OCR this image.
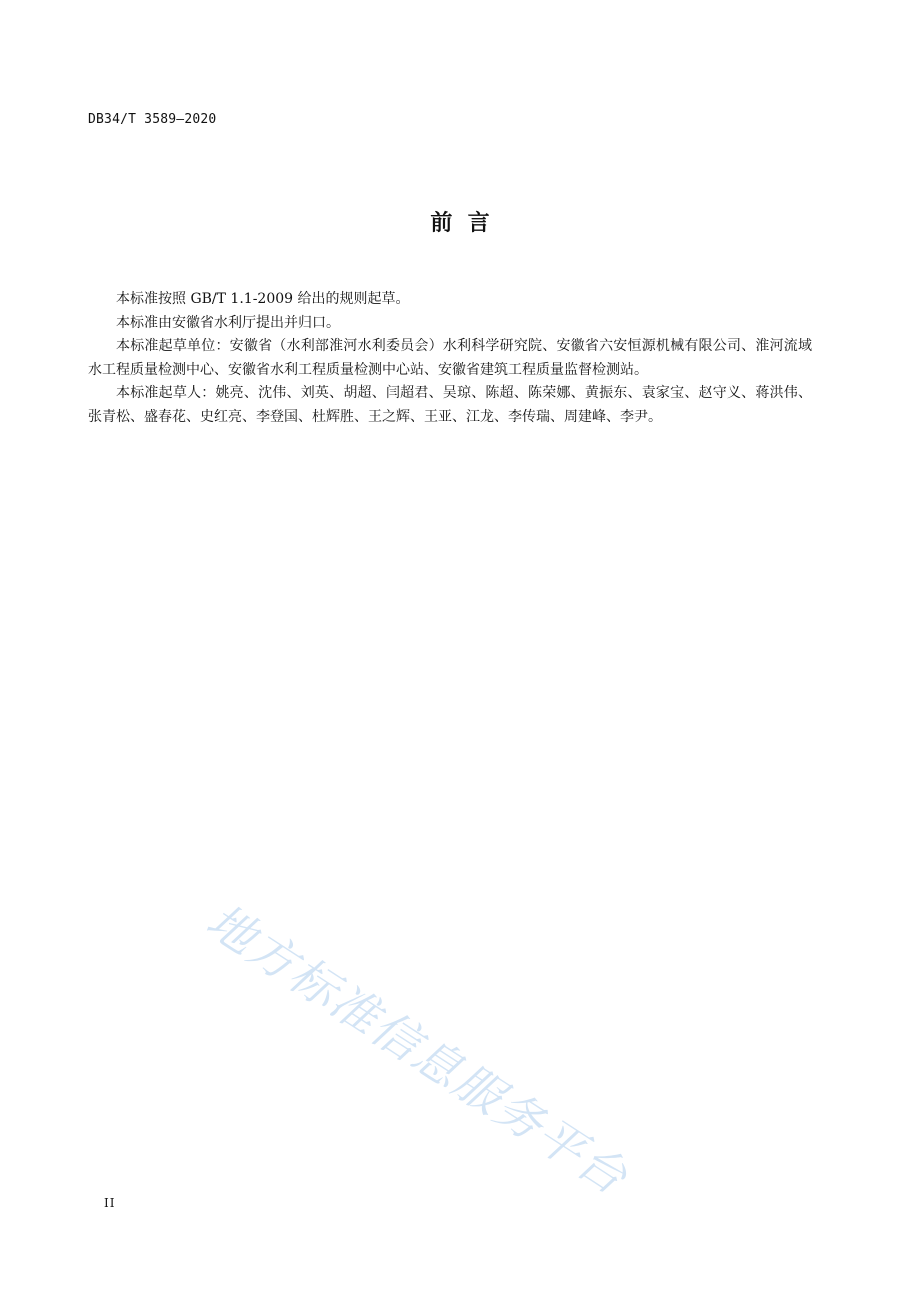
DB34/T 3589—2020
前  言

本标准按照 GB/T 1.1-2009 给出的规则起草。

本标准由安徽省水利厅提出并归口。

本标准起草单位：安徽省（水利部淮河水利委员会）水利科学研究院、安徽省六安恒源机械有限公司、淮河流域水工程质量检测中心、安徽省水利工程质量检测中心站、安徽省建筑工程质量监督检测站。

本标准起草人：姚亮、沈伟、刘英、胡超、闫超君、吴琼、陈超、陈荣娜、黄振东、袁家宝、赵守义、蒋洪伟、张青松、盛春花、史红亮、李登国、杜辉胜、王之辉、王亚、江龙、李传瑞、周建峰、李尹。

地方标准信息服务平台
II
